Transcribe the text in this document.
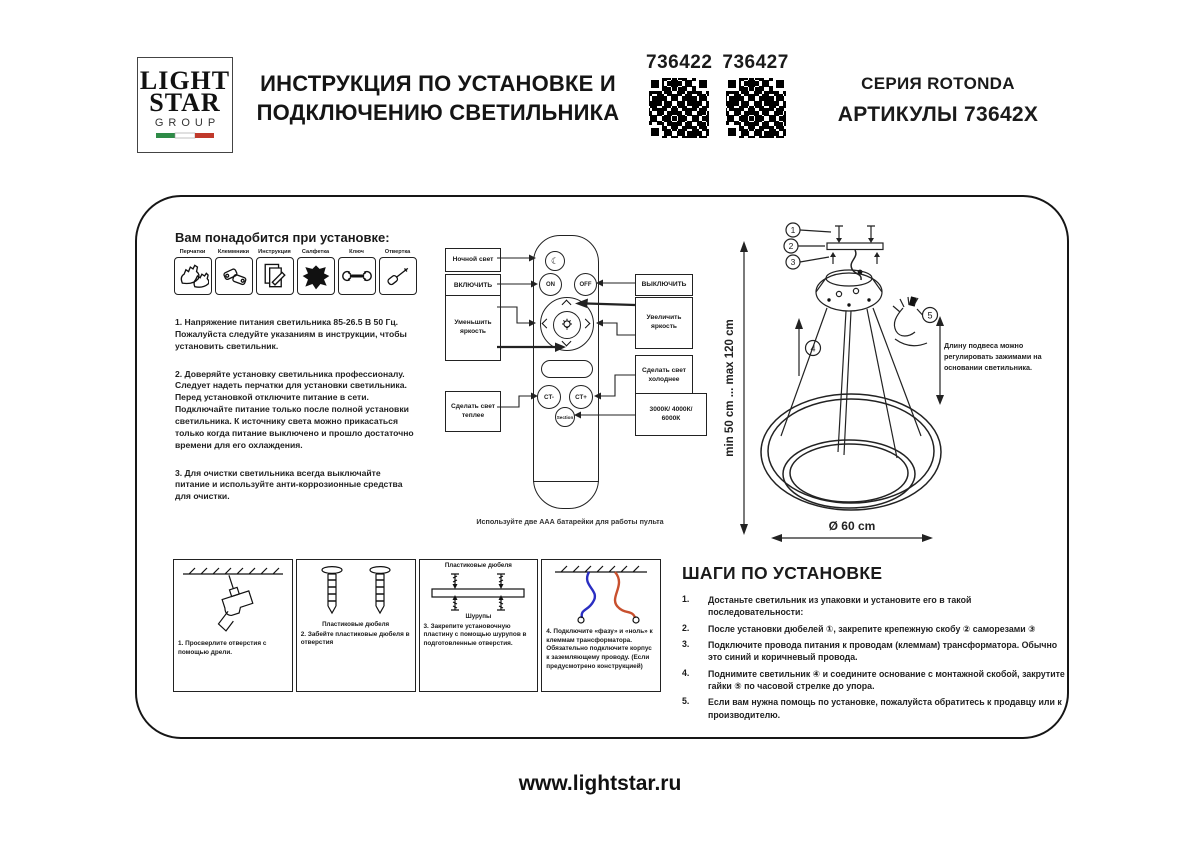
LIGHT
STAR
GROUP
ИНСТРУКЦИЯ ПО УСТАНОВКЕ И
ПОДКЛЮЧЕНИЮ СВЕТИЛЬНИКА
736422 736427
СЕРИЯ ROTONDA
АРТИКУЛЫ 73642X
Вам понадобится при установке:
Перчатки Клеммники Инструкция Салфетка	Ключ	Отвертка

1. Напряжение питания светильника 85-26.5 В 50 Гц. Пожалуйста следуйте указаниям в инструкции, чтобы установить светильник.

2. Доверяйте установку светильника профессионалу. Следует надеть перчатки для установки светильника. Перед установкой отключите питание в сети. Подключайте питание только после полной установки светильника. К источнику света можно прикасаться только когда питание выключено и прошло достаточно времени для его охлаждения.

3. Для очистки светильника всегда выключайте питание и используйте анти-коррозионные средства для очистки.

Ночной свет
ВКЛЮЧИТЬ
Уменьшить яркость
Сделать свет теплее
ВЫКЛЮЧИТЬ
Увеличить яркость
Сделать свет холоднее
3000К/ 4000К/ 6000К
☾
ON	OFF
CT-	CT+
Section
Используйте две ААА батарейки для работы пульта
min 50 cm ... max 120 cm
1
2
3
4
5
Ø 60 cm
Длину подвеса можно регулировать зажимами на основании светильника.
1. Просверлите отверстия с помощью дрели.
Пластиковые дюбеля
2. Забейте пластиковые дюбеля в отверстия
Пластиковые дюбеля
Шурупы
3. Закрепите установочную пластину с помощью шурупов в подготовленные отверстия.
4. Подключите «фазу» и «ноль» к клеммам трансформатора. Обязательно подключите корпус к заземляющему проводу. (Если предусмотрено конструкцией)
ШАГИ ПО УСТАНОВКЕ
1.	Достаньте светильник из упаковки и установите его в такой последовательности:
2.	После установки дюбелей ①, закрепите крепежную скобу ② саморезами ③
3.	Подключите провода питания к проводам (клеммам) трансформатора. Обычно это синий и коричневый провода.
4.	Поднимите светильник ④ и соедините основание с монтажной скобой, закрутите гайки ⑤ по часовой стрелке до упора.
5.	Если вам нужна помощь по установке, пожалуйста обратитесь к продавцу или к производителю.
www.lightstar.ru
